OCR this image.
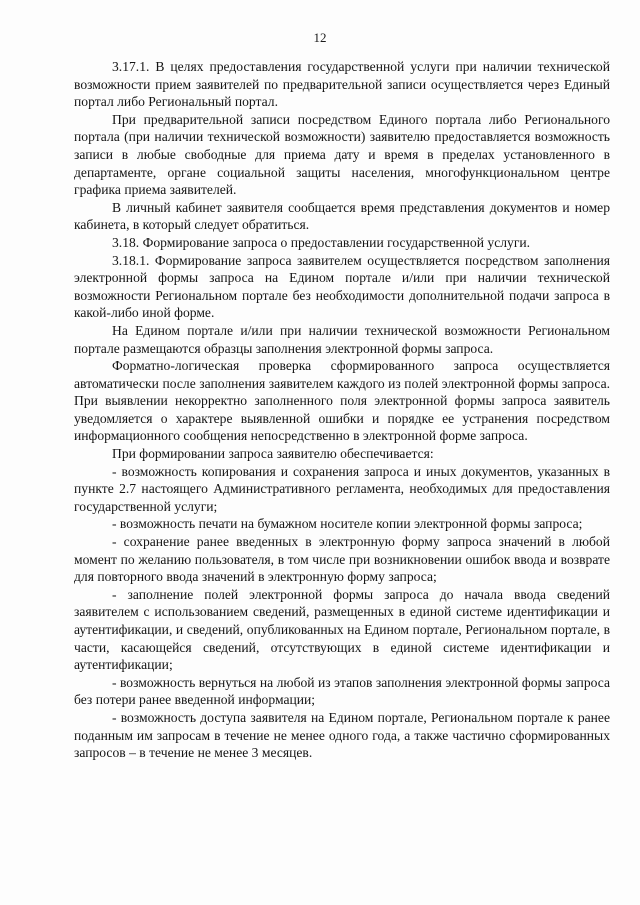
12

3.17.1. В целях предоставления государственной услуги при наличии технической возможности прием заявителей по предварительной записи осуществляется через Единый портал либо Региональный портал.

При предварительной записи посредством Единого портала либо Регионального портала (при наличии технической возможности) заявителю предоставляется возможность записи в любые свободные для приема дату и время в пределах установленного в департаменте, органе социальной защиты населения, многофункциональном центре графика приема заявителей.

В личный кабинет заявителя сообщается время представления документов и номер кабинета, в который следует обратиться.

3.18. Формирование запроса о предоставлении государственной услуги.

3.18.1. Формирование запроса заявителем осуществляется посредством заполнения электронной формы запроса на Едином портале и/или при наличии технической возможности Региональном портале без необходимости дополнительной подачи запроса в какой-либо иной форме.

На Едином портале и/или при наличии технической возможности Региональном портале размещаются образцы заполнения электронной формы запроса.

Форматно-логическая проверка сформированного запроса осуществляется автоматически после заполнения заявителем каждого из полей электронной формы запроса. При выявлении некорректно заполненного поля электронной формы запроса заявитель уведомляется о характере выявленной ошибки и порядке ее устранения посредством информационного сообщения непосредственно в электронной форме запроса.

При формировании запроса заявителю обеспечивается:

- возможность копирования и сохранения запроса и иных документов, указанных в пункте 2.7 настоящего Административного регламента, необходимых для предоставления государственной услуги;

- возможность печати на бумажном носителе копии электронной формы запроса;

- сохранение ранее введенных в электронную форму запроса значений в любой момент по желанию пользователя, в том числе при возникновении ошибок ввода и возврате для повторного ввода значений в электронную форму запроса;

- заполнение полей электронной формы запроса до начала ввода сведений заявителем с использованием сведений, размещенных в единой системе идентификации и аутентификации, и сведений, опубликованных на Едином портале, Региональном портале, в части, касающейся сведений, отсутствующих в единой системе идентификации и аутентификации;

- возможность вернуться на любой из этапов заполнения электронной формы запроса без потери ранее введенной информации;

- возможность доступа заявителя на Едином портале, Региональном портале к ранее поданным им запросам в течение не менее одного года, а также частично сформированных запросов – в течение не менее 3 месяцев.
